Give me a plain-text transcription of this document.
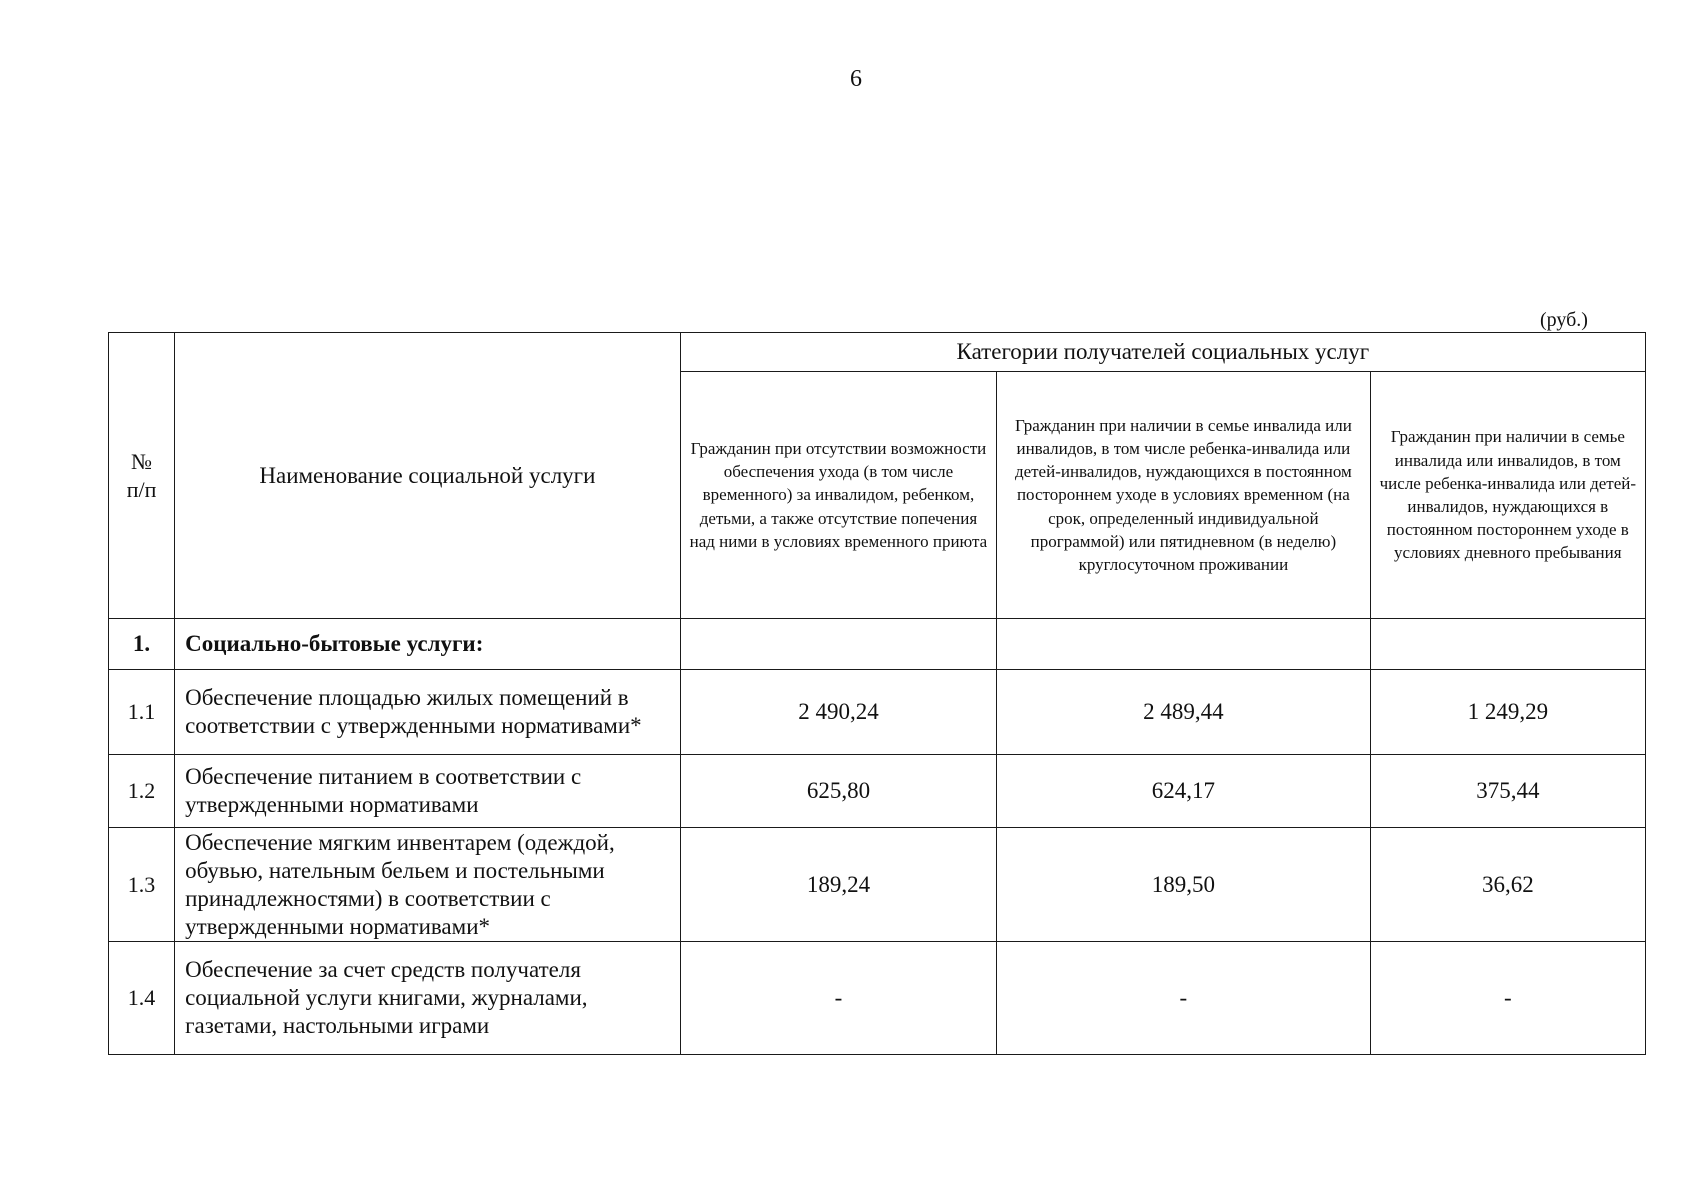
6
(руб.)
№
п/п	Наименование социальной услуги	Категории получателей социальных услуг		
		Гражданин при отсутствии возможности обеспечения ухода (в том числе временного) за инвалидом, ребенком, детьми, а также отсутствие попечения над ними в условиях временного приюта	Гражданин при наличии в семье инвалида или инвалидов, в том числе ребенка-инвалида или детей-инвалидов, нуждающихся в постоянном постороннем уходе в условиях временном (на срок, определенный индивидуальной программой) или пятидневном (в неделю) круглосуточном проживании	Гражданин при наличии в семье инвалида или инвалидов, в том числе ребенка-инвалида или детей-инвалидов, нуждающихся в постоянном постороннем уходе в условиях дневного пребывания
1.	Социально-бытовые услуги:			
1.1	Обеспечение площадью жилых помещений в соответствии с утвержденными нормативами*	2 490,24	2 489,44	1 249,29
1.2	Обеспечение питанием в соответствии с утвержденными нормативами	625,80	624,17	375,44
1.3	Обеспечение мягким инвентарем (одеждой, обувью, нательным бельем и постельными принадлежностями) в соответствии с утвержденными нормативами*	189,24	189,50	36,62
1.4	Обеспечение за счет средств получателя социальной услуги книгами, журналами, газетами, настольными играми	-	-	-
